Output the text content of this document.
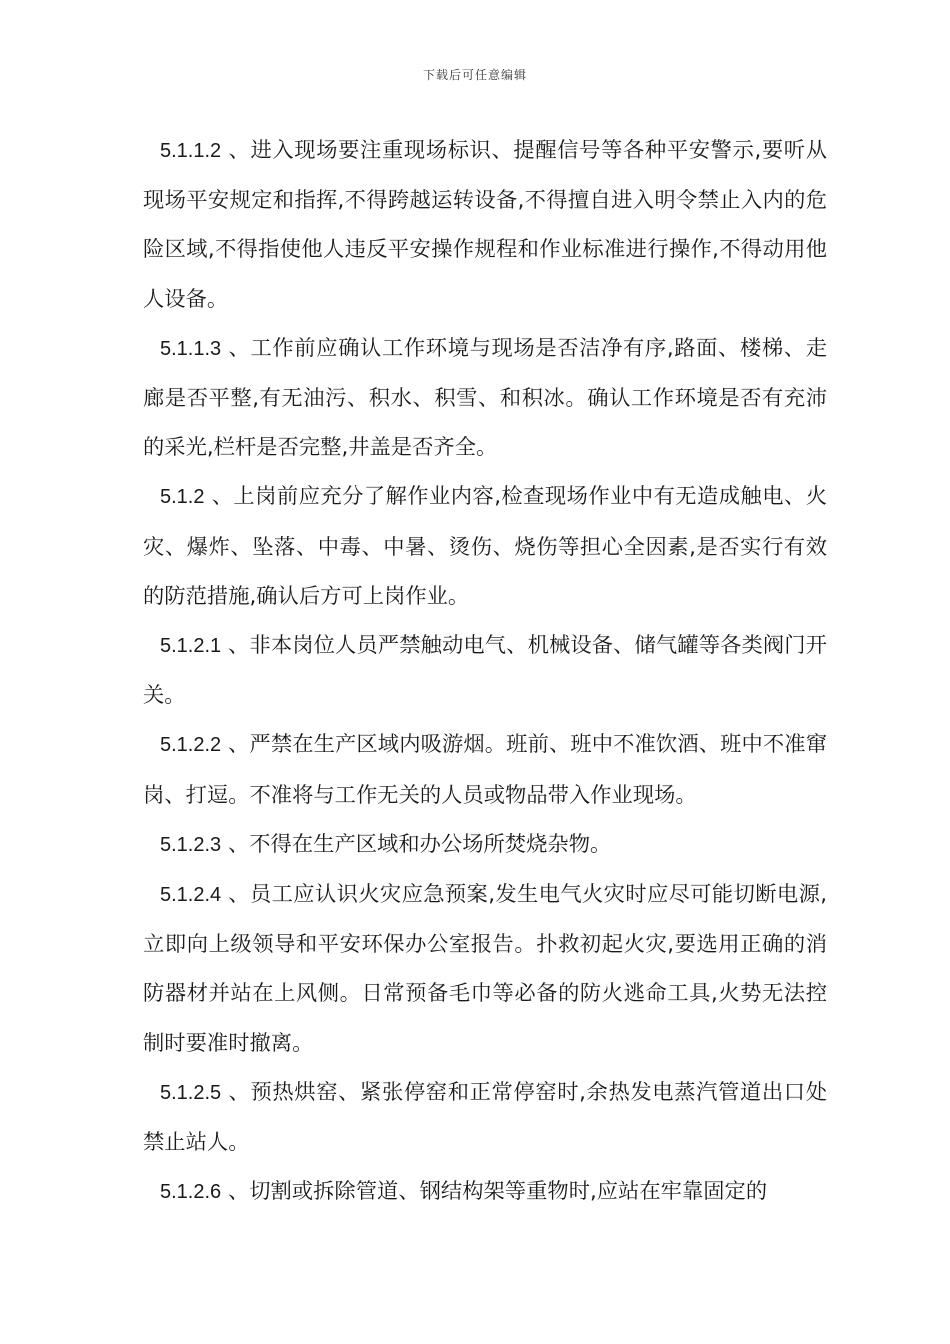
下载后可任意编辑

5.1.1.2 、进入现场要注重现场标识、提醒信号等各种平安警示,要听从现场平安规定和指挥,不得跨越运转设备,不得擅自进入明令禁止入内的危险区域,不得指使他人违反平安操作规程和作业标准进行操作,不得动用他人设备。

5.1.1.3 、工作前应确认工作环境与现场是否洁净有序,路面、楼梯、走廊是否平整,有无油污、积水、积雪、和积冰。确认工作环境是否有充沛的采光,栏杆是否完整,井盖是否齐全。

5.1.2 、上岗前应充分了解作业内容,检查现场作业中有无造成触电、火灾、爆炸、坠落、中毒、中暑、烫伤、烧伤等担心全因素,是否实行有效的防范措施,确认后方可上岗作业。

5.1.2.1 、非本岗位人员严禁触动电气、机械设备、储气罐等各类阀门开关。

5.1.2.2 、严禁在生产区域内吸游烟。班前、班中不准饮酒、班中不准窜岗、打逗。不准将与工作无关的人员或物品带入作业现场。

5.1.2.3 、不得在生产区域和办公场所焚烧杂物。

5.1.2.4 、员工应认识火灾应急预案,发生电气火灾时应尽可能切断电源,立即向上级领导和平安环保办公室报告。扑救初起火灾,要选用正确的消防器材并站在上风侧。日常预备毛巾等必备的防火逃命工具,火势无法控制时要准时撤离。

5.1.2.5 、预热烘窑、紧张停窑和正常停窑时,余热发电蒸汽管道出口处禁止站人。

5.1.2.6 、切割或拆除管道、钢结构架等重物时,应站在牢靠固定的
